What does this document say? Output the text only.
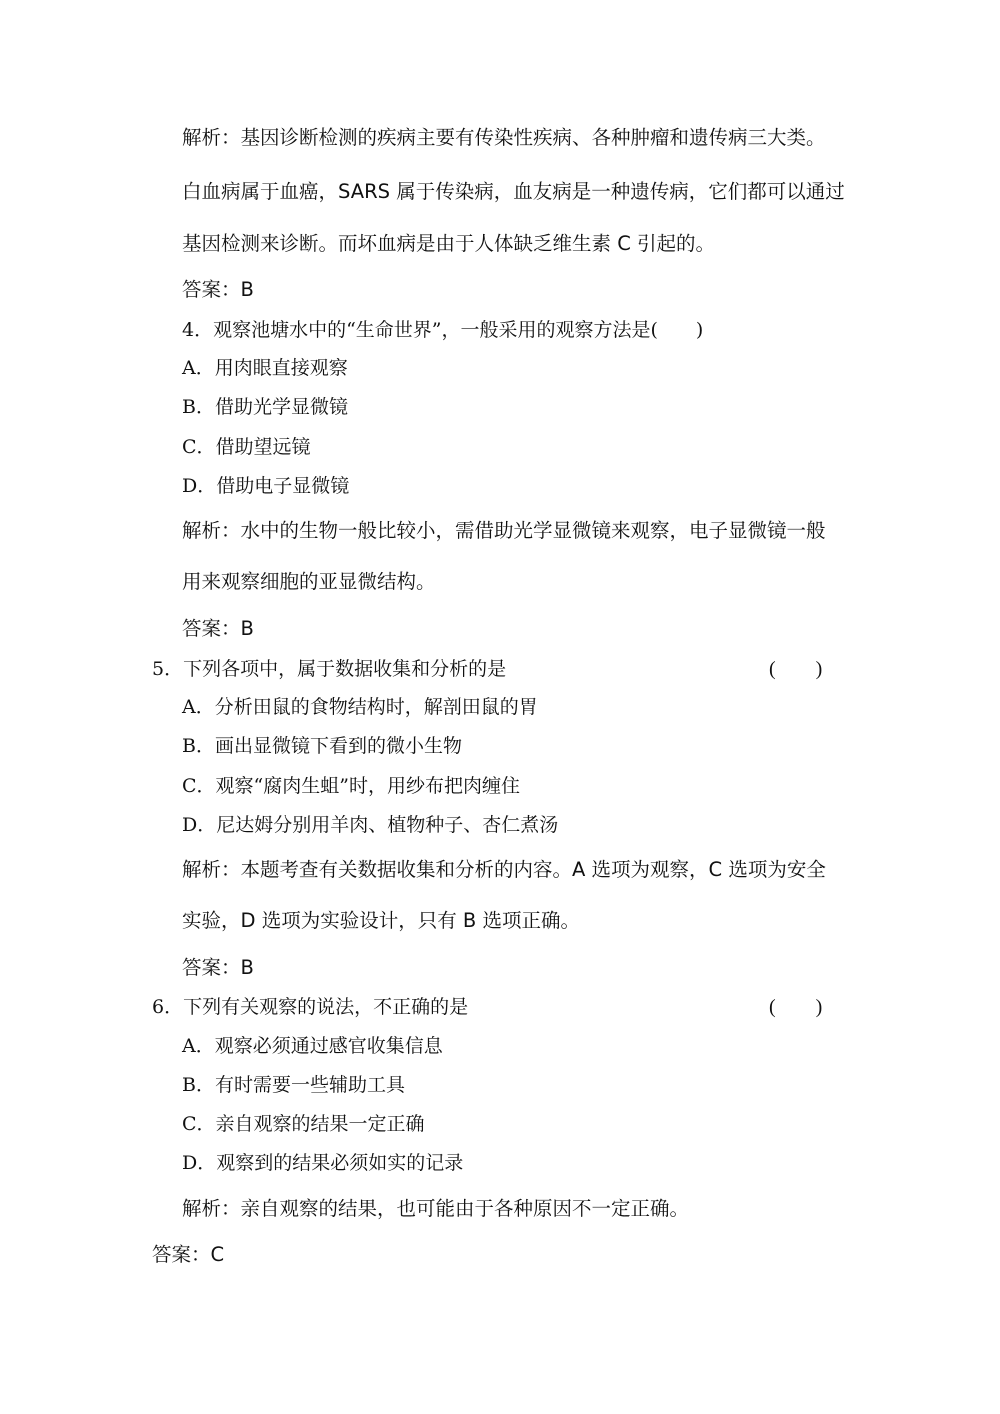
解析：基因诊断检测的疾病主要有传染性疾病、各种肿瘤和遗传病三大类。
白血病属于血癌，SARS 属于传染病，血友病是一种遗传病，它们都可以通过
基因检测来诊断。而坏血病是由于人体缺乏维生素 C 引起的。
答案：B
4．观察池塘水中的“生命世界”，一般采用的观察方法是(　　)
A．用肉眼直接观察
B．借助光学显微镜
C．借助望远镜
D．借助电子显微镜
解析：水中的生物一般比较小，需借助光学显微镜来观察，电子显微镜一般
用来观察细胞的亚显微结构。
答案：B
5．下列各项中，属于数据收集和分析的是	(　　)
A．分析田鼠的食物结构时，解剖田鼠的胃
B．画出显微镜下看到的微小生物
C．观察“腐肉生蛆”时，用纱布把肉缠住
D．尼达姆分别用羊肉、植物种子、杏仁煮汤
解析：本题考查有关数据收集和分析的内容。A 选项为观察，C 选项为安全
实验，D 选项为实验设计，只有 B 选项正确。
答案：B
6．下列有关观察的说法，不正确的是	(　　)
A．观察必须通过感官收集信息
B．有时需要一些辅助工具
C．亲自观察的结果一定正确
D．观察到的结果必须如实的记录
解析：亲自观察的结果，也可能由于各种原因不一定正确。
答案：C
